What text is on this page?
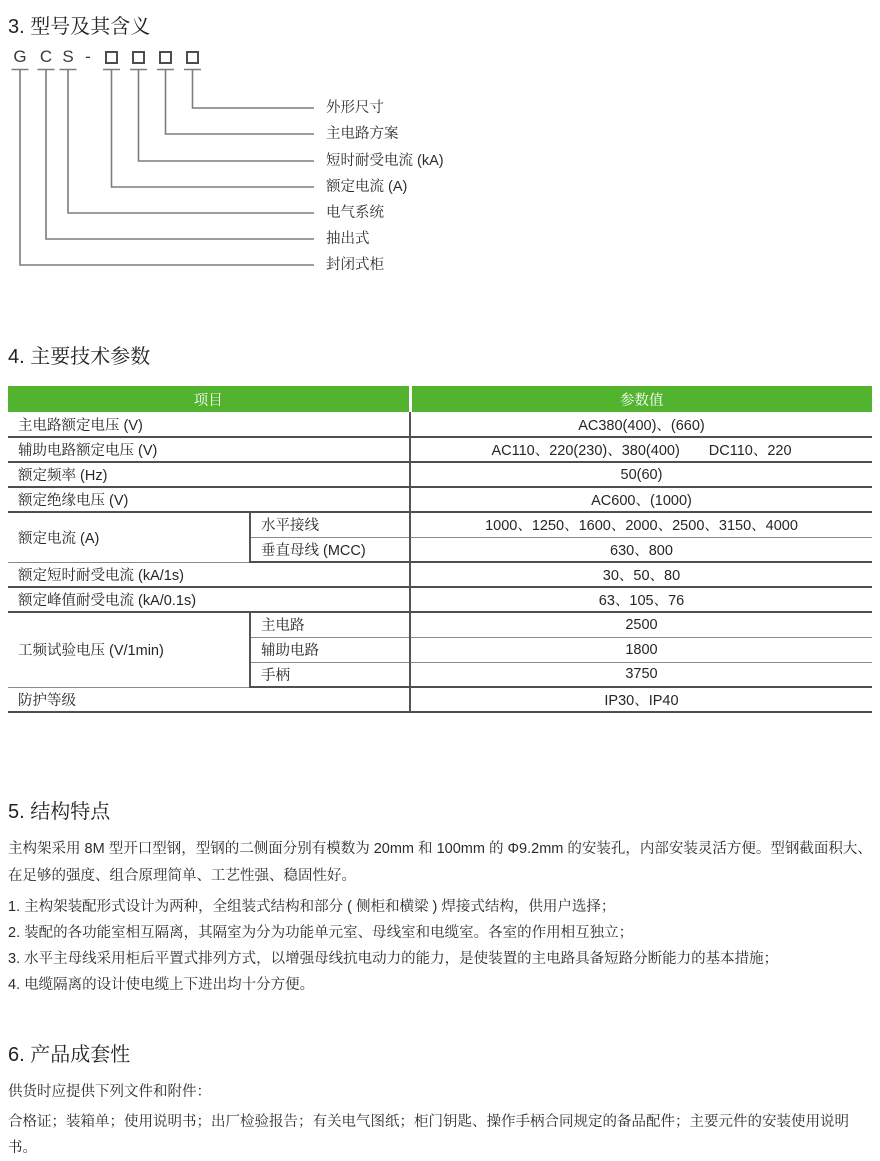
3. 型号及其含义
G C S -
外形尺寸
主电路方案
短时耐受电流 (kA)
额定电流 (A)
电气系统
抽出式
封闭式柜
4. 主要技术参数
项目		参数值
主电路额定电压 (V)		AC380(400)、(660)
辅助电路额定电压 (V)		AC110、220(230)、380(400)　　DC110、220
额定频率 (Hz)		50(60)
额定绝缘电压 (V)		AC600、(1000)
额定电流 (A)	水平接线	1000、1250、1600、2000、2500、3150、4000
	垂直母线 (MCC)	630、800
额定短时耐受电流 (kA/1s)		30、50、80
额定峰值耐受电流 (kA/0.1s)		63、105、76
工频试验电压 (V/1min)	主电路	2500
	辅助电路	1800
	手柄	3750
防护等级		IP30、IP40
5. 结构特点

主构架采用 8M 型开口型钢，型钢的二侧面分别有模数为 20mm 和 100mm 的 Φ9.2mm 的安装孔，内部安装灵活方便。型钢截面积大、在足够的强度、组合原理简单、工艺性强、稳固性好。

1. 主构架装配形式设计为两种，全组装式结构和部分 ( 侧柜和横梁 ) 焊接式结构，供用户选择；

2. 装配的各功能室相互隔离，其隔室为分为功能单元室、母线室和电缆室。各室的作用相互独立；

3. 水平主母线采用柜后平置式排列方式，以增强母线抗电动力的能力，是使装置的主电路具备短路分断能力的基本措施；

4. 电缆隔离的设计使电缆上下进出均十分方便。

6. 产品成套性

供货时应提供下列文件和附件：

合格证；装箱单；使用说明书；出厂检验报告；有关电气图纸；柜门钥匙、操作手柄合同规定的备品配件；主要元件的安装使用说明书。
